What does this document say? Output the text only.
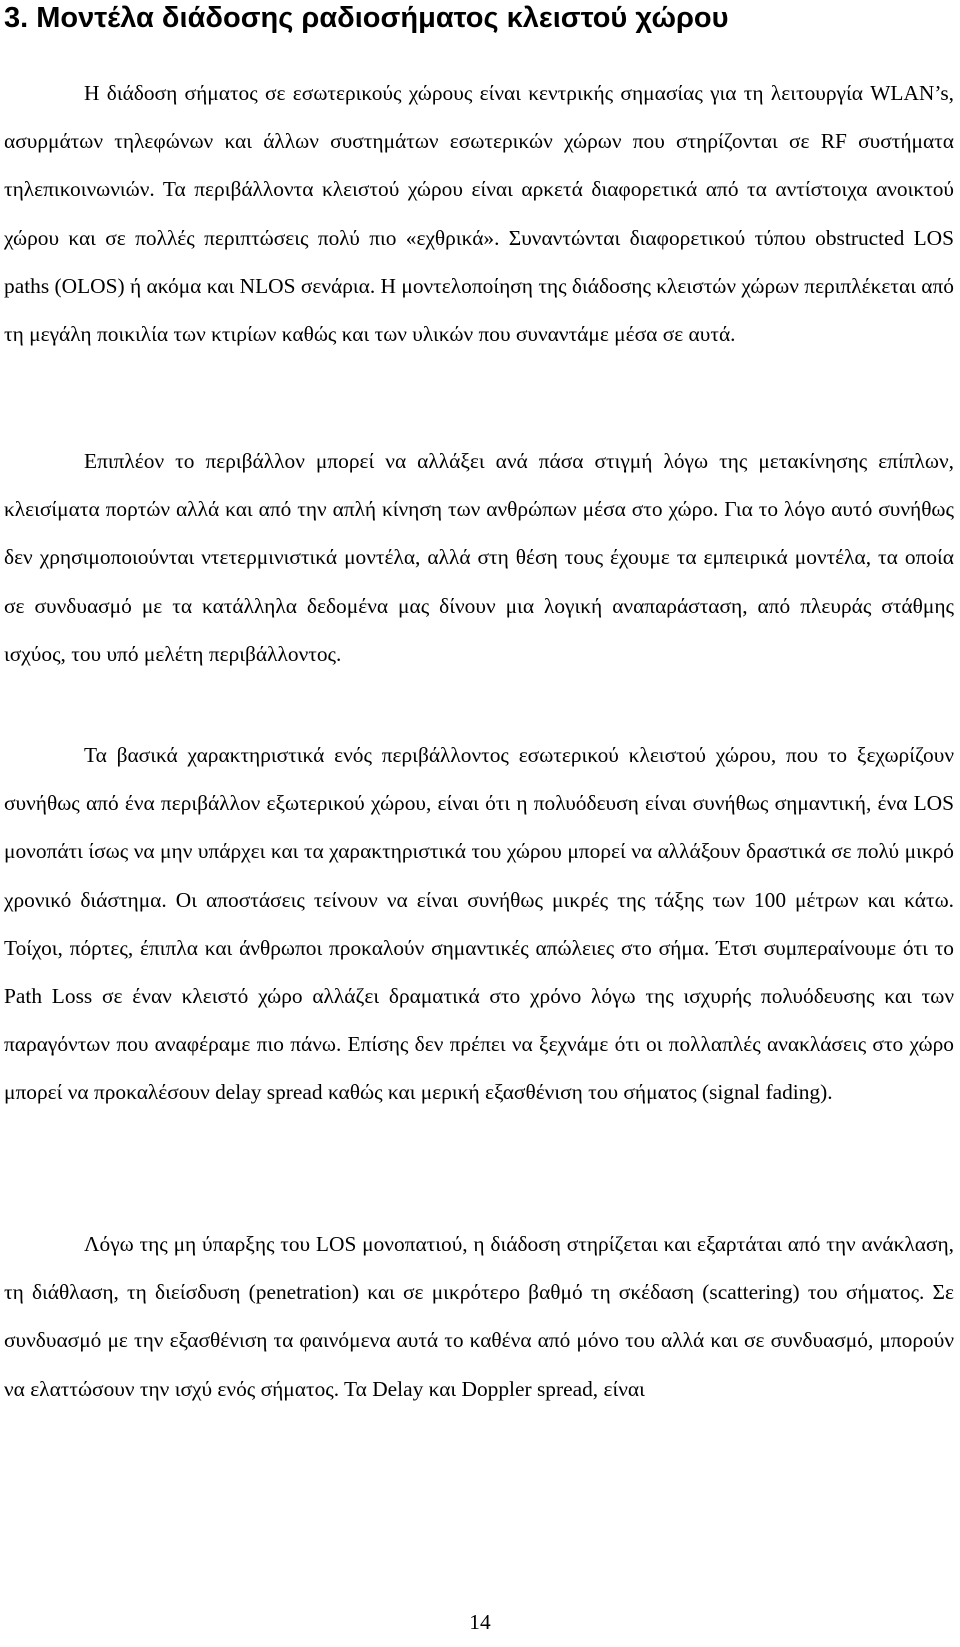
3. Μοντέλα διάδοσης ραδιοσήματος κλειστού χώρου

Η διάδοση σήματος σε εσωτερικούς χώρους είναι κεντρικής σημασίας για τη λειτουργία WLAN’s, ασυρμάτων τηλεφώνων και άλλων συστημάτων εσωτερικών χώρων που στηρίζονται σε RF συστήματα τηλεπικοινωνιών. Τα περιβάλλοντα κλειστού χώρου είναι αρκετά διαφορετικά από τα αντίστοιχα ανοικτού χώρου και σε πολλές περιπτώσεις πολύ πιο «εχθρικά». Συναντώνται διαφορετικού τύπου obstructed LOS paths (OLOS) ή ακόμα και NLOS σενάρια. Η μοντελοποίηση της διάδοσης κλειστών χώρων περιπλέκεται από τη μεγάλη ποικιλία των κτιρίων καθώς και των υλικών που συναντάμε μέσα σε αυτά.

Επιπλέον το περιβάλλον μπορεί να αλλάξει ανά πάσα στιγμή λόγω της μετακίνησης επίπλων, κλεισίματα πορτών αλλά και από την απλή κίνηση των ανθρώπων μέσα στο χώρο. Για το λόγο αυτό συνήθως δεν χρησιμοποιούνται ντετερμινιστικά μοντέλα, αλλά στη θέση τους έχουμε τα εμπειρικά μοντέλα, τα οποία σε συνδυασμό με τα κατάλληλα δεδομένα μας δίνουν μια λογική αναπαράσταση, από πλευράς στάθμης ισχύος, του υπό μελέτη περιβάλλοντος.

Τα βασικά χαρακτηριστικά ενός περιβάλλοντος εσωτερικού κλειστού χώρου, που το ξεχωρίζουν συνήθως από ένα περιβάλλον εξωτερικού χώρου, είναι ότι η πολυόδευση είναι συνήθως σημαντική, ένα LOS μονοπάτι ίσως να μην υπάρχει και τα χαρακτηριστικά του χώρου μπορεί να αλλάξουν δραστικά σε πολύ μικρό χρονικό διάστημα. Οι αποστάσεις τείνουν να είναι συνήθως μικρές της τάξης των 100 μέτρων και κάτω. Τοίχοι, πόρτες, έπιπλα και άνθρωποι προκαλούν σημαντικές απώλειες στο σήμα. Έτσι συμπεραίνουμε ότι το Path Loss σε έναν κλειστό χώρο αλλάζει δραματικά στο χρόνο λόγω της ισχυρής πολυόδευσης και των παραγόντων που αναφέραμε πιο πάνω. Επίσης δεν πρέπει να ξεχνάμε ότι οι πολλαπλές ανακλάσεις στο χώρο μπορεί να προκαλέσουν delay spread καθώς και μερική εξασθένιση του σήματος (signal fading).

Λόγω της μη ύπαρξης του LOS μονοπατιού, η διάδοση στηρίζεται και εξαρτάται από την ανάκλαση, τη διάθλαση, τη διείσδυση (penetration) και σε μικρότερο βαθμό τη σκέδαση (scattering) του σήματος. Σε συνδυασμό με την εξασθένιση τα φαινόμενα αυτά το καθένα από μόνο του αλλά και σε συνδυασμό, μπορούν να ελαττώσουν την ισχύ ενός σήματος. Τα Delay και Doppler spread, είναι

14
